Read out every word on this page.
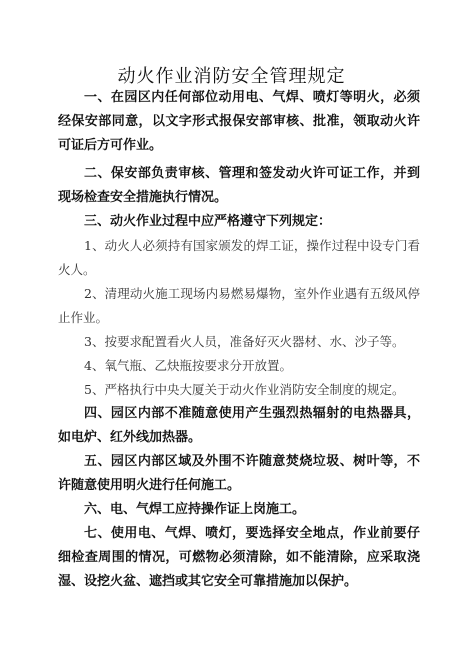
动火作业消防安全管理规定
一、在园区内任何部位动用电、气焊、喷灯等明火，必须经保安部同意，以文字形式报保安部审核、批准，领取动火许可证后方可作业。
二、保安部负责审核、管理和签发动火许可证工作，并到现场检查安全措施执行情况。
三、动火作业过程中应严格遵守下列规定：
1、动火人必须持有国家颁发的焊工证，操作过程中设专门看火人。
2、清理动火施工现场内易燃易爆物，室外作业遇有五级风停止作业。
3、按要求配置看火人员，准备好灭火器材、水、沙子等。
4、氧气瓶、乙炔瓶按要求分开放置。
5、严格执行中央大厦关于动火作业消防安全制度的规定。
四、园区内部不准随意使用产生强烈热辐射的电热器具，如电炉、红外线加热器。
五、园区内部区域及外围不许随意焚烧垃圾、树叶等，不许随意使用明火进行任何施工。
六、电、气焊工应持操作证上岗施工。
七、使用电、气焊、喷灯，要选择安全地点，作业前要仔细检查周围的情况，可燃物必须清除，如不能清除，应采取浇湿、设挖火盆、遮挡或其它安全可靠措施加以保护。
